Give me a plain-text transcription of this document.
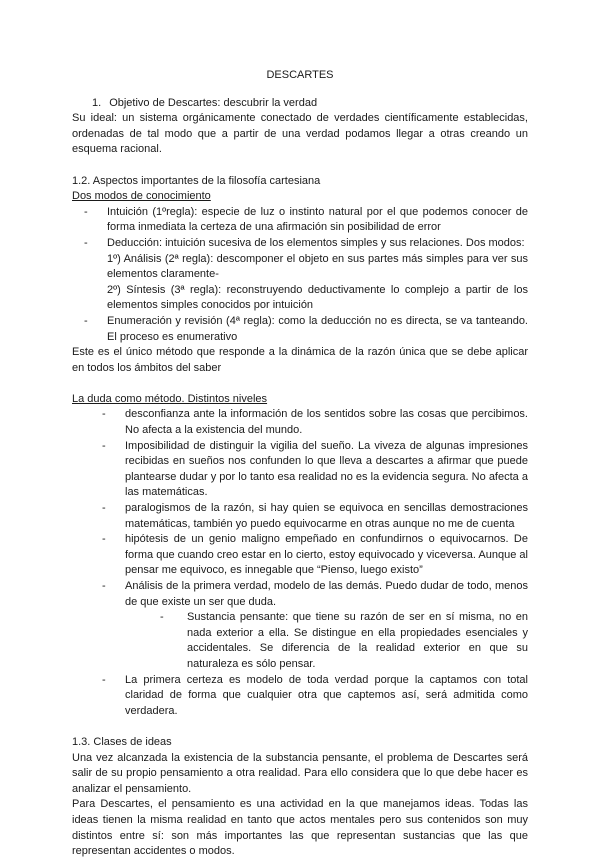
DESCARTES
1. Objetivo de Descartes: descubrir la verdad
Su ideal: un sistema orgánicamente conectado de verdades científicamente establecidas, ordenadas de tal modo que a partir de una verdad podamos llegar a otras creando un esquema racional.
1.2. Aspectos importantes de la filosofía cartesiana
Dos modos de conocimiento
- Intuición (1ºregla): especie de luz o instinto natural por el que podemos conocer de forma inmediata la certeza de una afirmación sin posibilidad de error
- Deducción: intuición sucesiva de los elementos simples y sus relaciones. Dos modos:
1º) Análisis (2ª regla): descomponer el objeto en sus partes más simples para ver sus elementos claramente-
2º) Síntesis (3ª regla): reconstruyendo deductivamente lo complejo a partir de los elementos simples conocidos por intuición
- Enumeración y revisión (4ª regla): como la deducción no es directa, se va tanteando. El proceso es enumerativo
Este es el único método que responde a la dinámica de la razón única que se debe aplicar en todos los ámbitos del saber
La duda como método. Distintos niveles
- desconfianza ante la información de los sentidos sobre las cosas que percibimos. No afecta a la existencia del mundo.
- Imposibilidad de distinguir la vigilia del sueño. La viveza de algunas impresiones recibidas en sueños nos confunden lo que lleva a descartes a afirmar que puede plantearse dudar y por lo tanto esa realidad no es la evidencia segura. No afecta a las matemáticas.
- paralogismos de la razón, si hay quien se equivoca en sencillas demostraciones matemáticas, también yo puedo equivocarme en otras aunque no me de cuenta
- hipótesis de un genio maligno empeñado en confundirnos o equivocarnos. De forma que cuando creo estar en lo cierto, estoy equivocado y viceversa. Aunque al pensar me equivoco, es innegable que “Pienso, luego existo”
- Análisis de la primera verdad, modelo de las demás. Puedo dudar de todo, menos de que existe un ser que duda.
- Sustancia pensante: que tiene su razón de ser en sí misma, no en nada exterior a ella. Se distingue en ella propiedades esenciales y accidentales. Se diferencia de la realidad exterior en que su naturaleza es sólo pensar.
- La primera certeza es modelo de toda verdad porque la captamos con total claridad de forma que cualquier otra que captemos así, será admitida como verdadera.
1.3. Clases de ideas
Una vez alcanzada la existencia de la substancia pensante, el problema de Descartes será salir de su propio pensamiento a otra realidad. Para ello considera que lo que debe hacer es analizar el pensamiento.
Para Descartes, el pensamiento es una actividad en la que manejamos ideas. Todas las ideas tienen la misma realidad en tanto que actos mentales pero sus contenidos son muy distintos entre sí: son más importantes las que representan sustancias que las que representan accidentes o modos.
